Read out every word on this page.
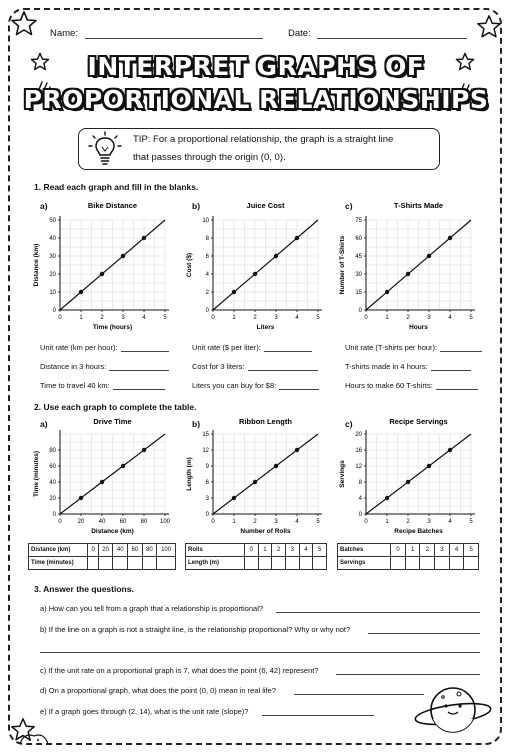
Name:	Date:
INTERPRET GRAPHS OF
PROPORTIONAL RELATIONSHIPS
TIP: For a proportional relationship, the graph is a straight line
that passes through the origin (0, 0).
1. Read each graph and fill in the blanks.
a)	b)	c)
Bike Distance
0	1	2	3	4	5
0
10
20
30
40
50
Time (hours)
Distance (km)
Juice Cost
0	1	2	3	4	5
0
2
4
6
8
10
Liters
Cost ($)
T-Shirts Made
0	1	2	3	4	5
0
15
30
45
60
75
Hours
Number of T-Shirts
Unit rate (km per hour):
Distance in 3 hours:
Time to travel 40 km:
Unit rate ($ per liter):
Cost for 3 liters:
Liters you can buy for $8:
Unit rate (T-shirts per hour):
T-shirts made in 4 hours:
Hours to make 60 T-shirts:
2. Use each graph to complete the table.
a)	b)	c)
Drive Time
0	20 40 60 80 100
0
20
40
60
80
Distance (km)
Time (minutes)
Ribbon Length
0	1	2	3	4	5
0
3
6
9
12
15
Number of Rolls
Length (m)
Recipe Servings
0	1	2	3	4	5
0
4
8
12
16
20
Recipe Batches
Servings
Distance (km)	0	20	40	60	80	100
Time (minutes)						
Rolls	0	1	2	3	4	5
Length (m)						
Batches	0	1	2	3	4	5
Servings						
3. Answer the questions.
a) How can you tell from a graph that a relationship is proportional?
b) If the line on a graph is not a straight line, is the relationship proportional? Why or why not?
c) If the unit rate on a proportional graph is 7, what does the point (6, 42) represent?
d) On a proportional graph, what does the point (0, 0) mean in real life?
e) If a graph goes through (2, 14), what is the unit rate (slope)?
